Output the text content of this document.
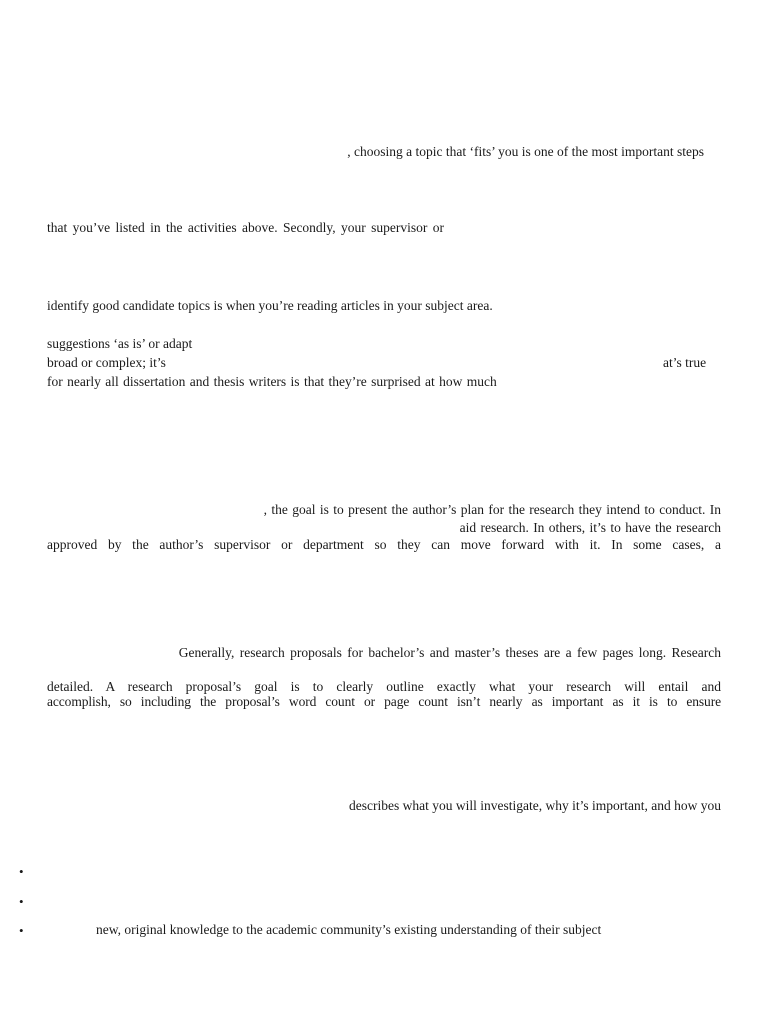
, choosing a topic that ‘fits’ you is one of the most important steps
that you’ve listed in the activities above. Secondly, your supervisor or
identify good candidate topics is when you’re reading articles in your subject area.
suggestions ‘as is’ or adapt
broad or complex; it’s	at’s true
for nearly all dissertation and thesis writers is that they’re surprised at how much
, the goal is to present the author’s plan for the research they intend to conduct. In
aid research. In others, it’s to have the research
approved by the author’s supervisor or department so they can move forward with it. In some cases, a
Generally, research proposals for bachelor’s and master’s theses are a few pages long. Research
detailed. A research proposal’s goal is to clearly outline exactly what your research will entail and
accomplish, so including the proposal’s word count or page count isn’t nearly as important as it is to ensure
describes what you will investigate, why it’s important, and how you
•
•
•	new, original knowledge to the academic community’s existing understanding of their subject
